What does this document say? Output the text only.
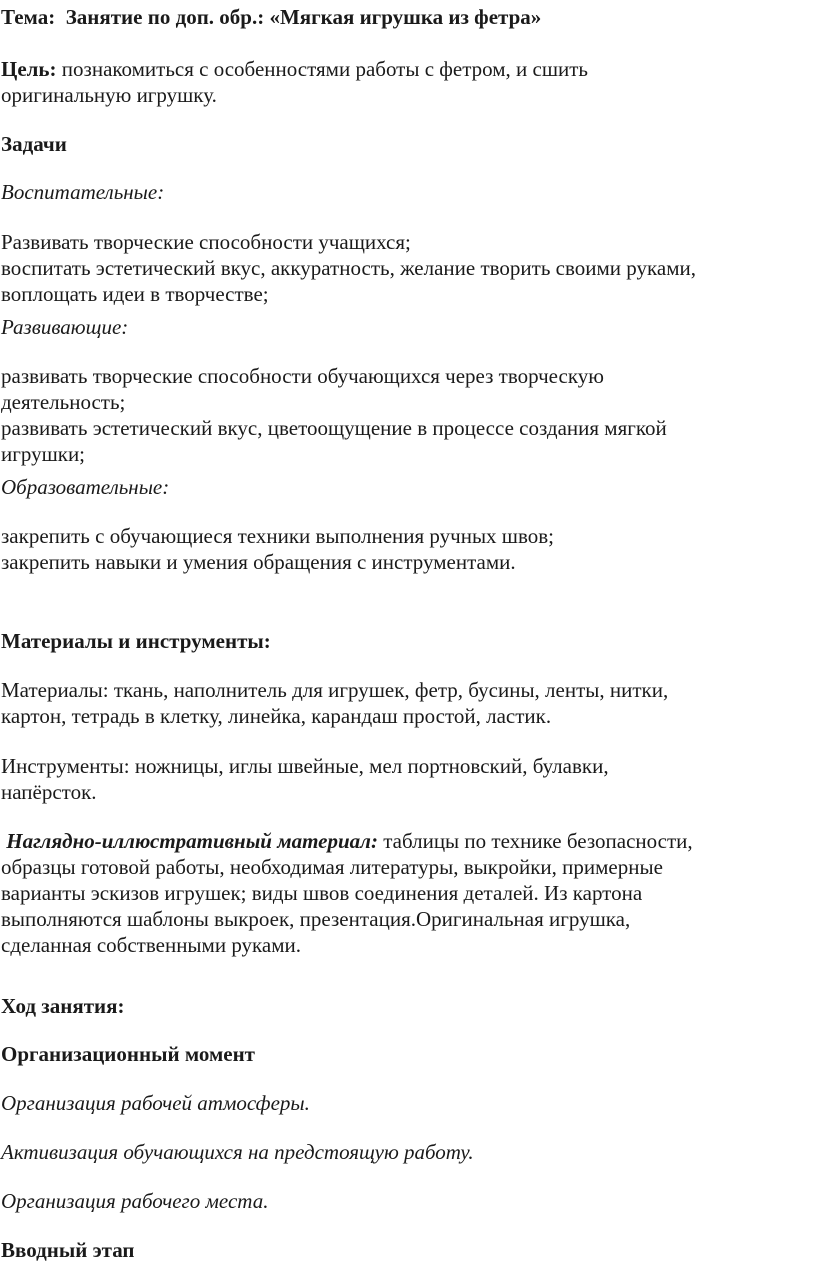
Тема: Занятие по доп. обр.: «Мягкая игрушка из фетра»

Цель: познакомиться с особенностями работы с фетром, и сшить
оригинальную игрушку.

Задачи

Воспитательные:

Развивать творческие способности учащихся;
воспитать эстетический вкус, аккуратность, желание творить своими руками,
воплощать идеи в творчестве;

Развивающие:

развивать творческие способности обучающихся через творческую
деятельность;
развивать эстетический вкус, цветоощущение в процессе создания мягкой
игрушки;

Образовательные:

закрепить с обучающиеся техники выполнения ручных швов;
закрепить навыки и умения обращения с инструментами.

Материалы и инструменты:

Материалы: ткань, наполнитель для игрушек, фетр, бусины, ленты, нитки,
картон, тетрадь в клетку, линейка, карандаш простой, ластик.

Инструменты: ножницы, иглы швейные, мел портновский, булавки,
напёрсток.

Наглядно-иллюстративный материал: таблицы по технике безопасности,
образцы готовой работы, необходимая литературы, выкройки, примерные
варианты эскизов игрушек; виды швов соединения деталей. Из картона
выполняются шаблоны выкроек, презентация.Оригинальная игрушка,
сделанная собственными руками.

Ход занятия:

Организационный момент

Организация рабочей атмосферы.

Активизация обучающихся на предстоящую работу.

Организация рабочего места.

Вводный этап
